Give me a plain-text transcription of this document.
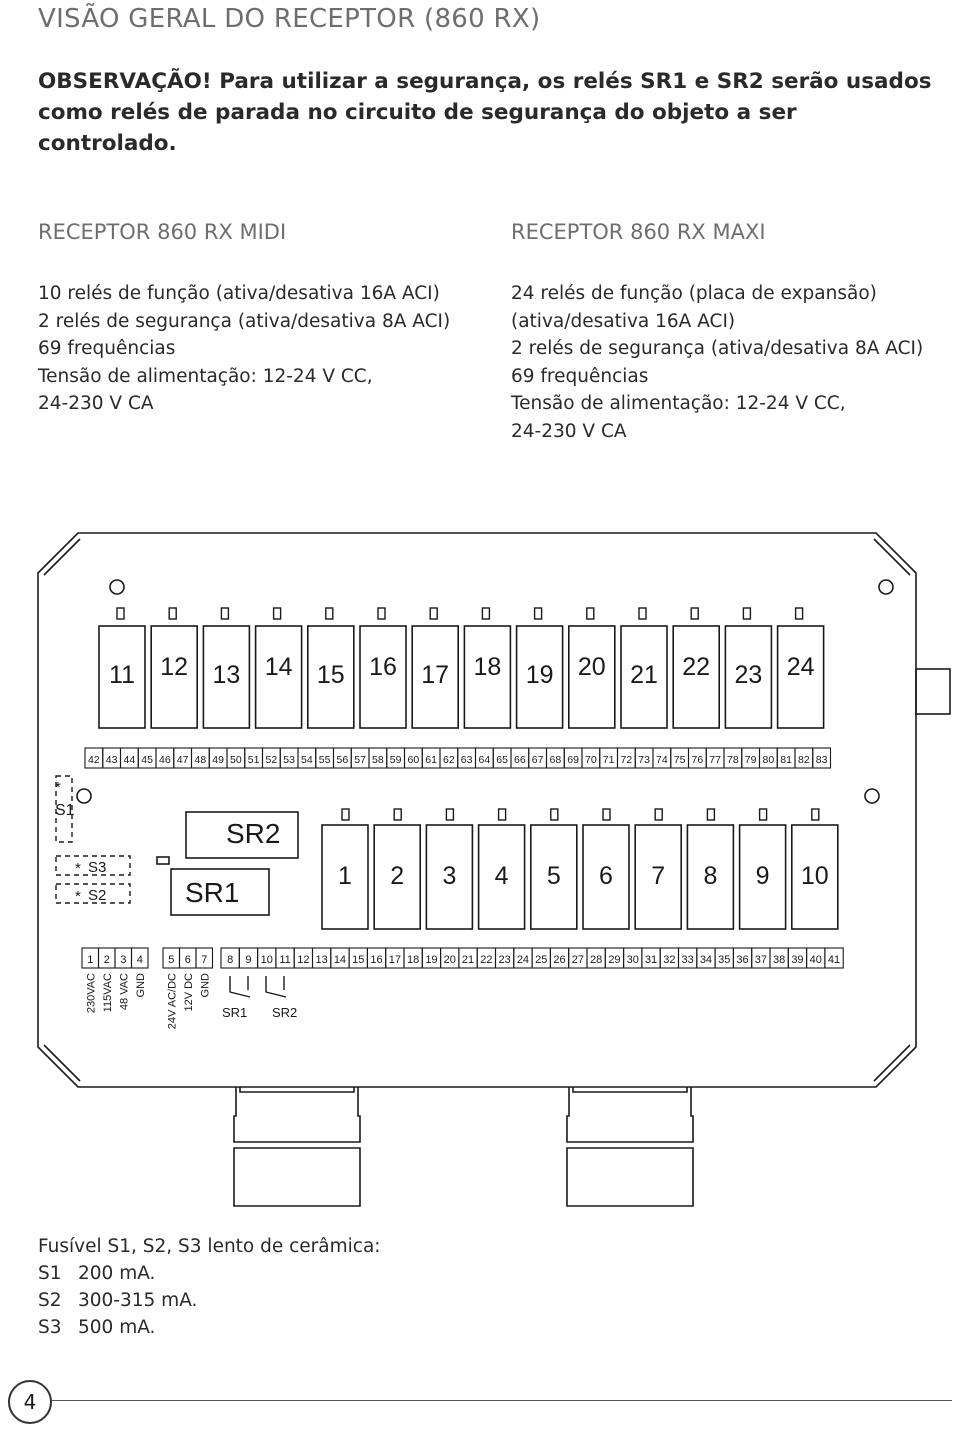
VISÃO GERAL DO RECEPTOR (860 RX)
OBSERVAÇÃO! Para utilizar a segurança, os relés SR1 e SR2 serão usados como relés de parada no circuito de segurança do objeto a ser controlado.
RECEPTOR 860 RX MIDI
10 relés de função (ativa/desativa 16A ACI)
2 relés de segurança (ativa/desativa 8A ACI)
69 frequências
Tensão de alimentação: 12-24 V CC,
24-230 V CA
RECEPTOR 860 RX MAXI
24 relés de função (placa de expansão)
(ativa/desativa 16A ACI)
2 relés de segurança (ativa/desativa 8A ACI)
69 frequências
Tensão de alimentação: 12-24 V CC,
24-230 V CA
11 12 13 14 15 16 17 18 19 20 21 22 23 24
42 43 44 45 46 47 48 49 50 51 52 53 54 55 56 57 58 59 60 61 62 63 64 65 66 67 68 69 70 71 72 73 74 75 76 77 78 79 80 81 82 83
1 2 3 4 5 6 7 8 9 10
1 2 3 4
230VAC 115VAC 48 VAC GND
5 6 7
24V AC/DC 12V DC GND
8 9 10 11 12 13 14 15 16 17 18 19 20 21 22 23 24 25 26 27 28 29 30 31 32 33 34 35 36 37 38 39 40 41
SR2
SR1
*
S1
* S3
* S2
SR1 SR2
Fusível S1, S2, S3 lento de cerâmica:
S1 200 mA.
S2 300-315 mA.
S3 500 mA.
4
